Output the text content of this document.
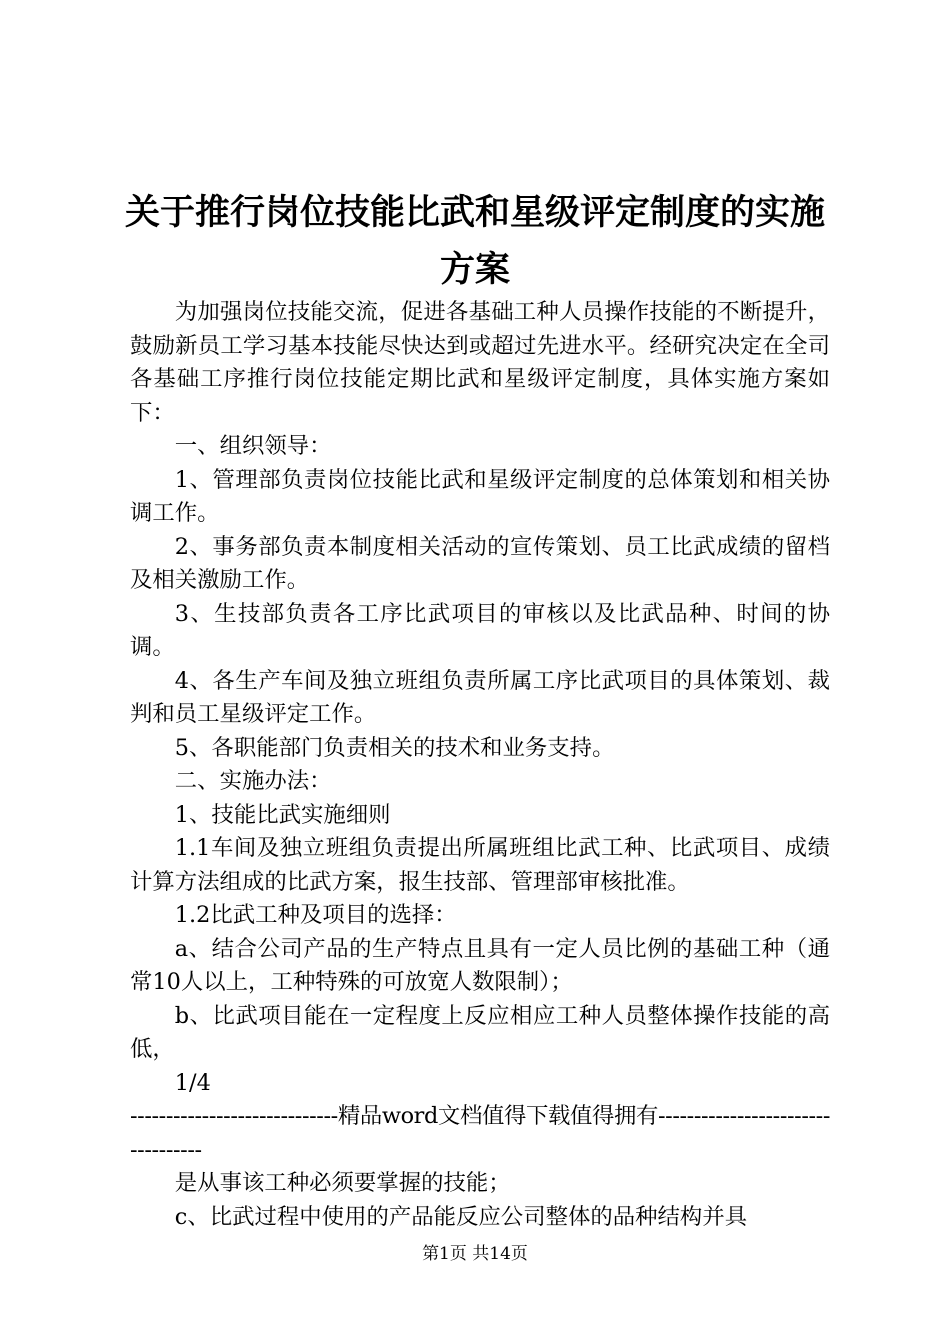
关于推行岗位技能比武和星级评定制度的实施
方案

为加强岗位技能交流，促进各基础工种人员操作技能的不断提升，鼓励新员工学习基本技能尽快达到或超过先进水平。经研究决定在全司各基础工序推行岗位技能定期比武和星级评定制度，具体实施方案如下：

一、组织领导：

1、管理部负责岗位技能比武和星级评定制度的总体策划和相关协调工作。

2、事务部负责本制度相关活动的宣传策划、员工比武成绩的留档及相关激励工作。

3、生技部负责各工序比武项目的审核以及比武品种、时间的协调。

4、各生产车间及独立班组负责所属工序比武项目的具体策划、裁判和员工星级评定工作。

5、各职能部门负责相关的技术和业务支持。

二、实施办法：

1、技能比武实施细则

1.1车间及独立班组负责提出所属班组比武工种、比武项目、成绩计算方法组成的比武方案，报生技部、管理部审核批准。

1.2比武工种及项目的选择：

a、结合公司产品的生产特点且具有一定人员比例的基础工种（通常10人以上，工种特殊的可放宽人数限制）；

b、比武项目能在一定程度上反应相应工种人员整体操作技能的高低，

1/4

-----------------------------精品word文档值得下载值得拥有----------------------------------

是从事该工种必须要掌握的技能；

c、比武过程中使用的产品能反应公司整体的品种结构并具

第1页 共14页
